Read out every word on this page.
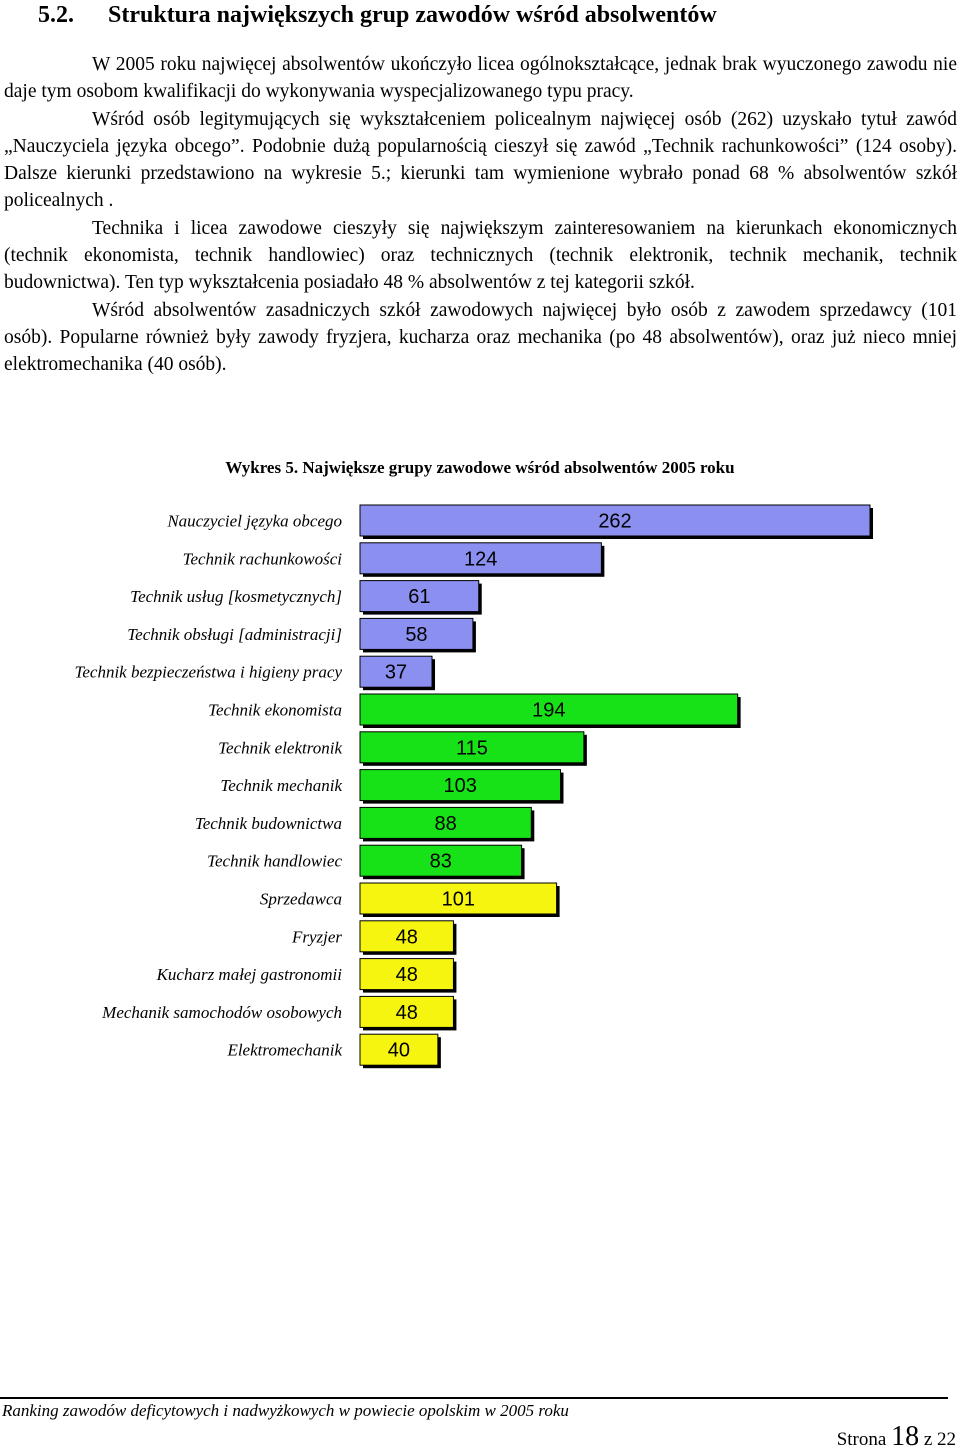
5.2. Struktura największych grup zawodów wśród absolwentów

W 2005 roku najwięcej absolwentów ukończyło licea ogólnokształcące, jednak brak wyuczonego zawodu nie daje tym osobom kwalifikacji do wykonywania wyspecjalizowanego typu pracy.

Wśród osób legitymujących się wykształceniem policealnym najwięcej osób (262) uzyskało tytuł zawód „Nauczyciela języka obcego”. Podobnie dużą popularnością cieszył się zawód „Technik rachunkowości” (124 osoby). Dalsze kierunki przedstawiono na wykresie 5.; kierunki tam wymienione wybrało ponad 68 % absolwentów szkół policealnych .

Technika i licea zawodowe cieszyły się największym zainteresowaniem na kierunkach ekonomicznych (technik ekonomista, technik handlowiec) oraz technicznych (technik elektronik, technik mechanik, technik budownictwa). Ten typ wykształcenia posiadało 48 % absolwentów z tej kategorii szkół.

Wśród absolwentów zasadniczych szkół zawodowych najwięcej było osób z zawodem sprzedawcy (101 osób). Popularne również były zawody fryzjera, kucharza oraz mechanika (po 48 absolwentów), oraz już nieco mniej elektromechanika (40 osób).

Wykres 5. Największe grupy zawodowe wśród absolwentów 2005 roku
Nauczyciel języka obcego	262
Technik rachunkowości	124
Technik usług [kosmetycznych]	61
Technik obsługi [administracji]	58
Technik bezpieczeństwa i higieny pracy 37
Technik ekonomista	194
Technik elektronik	115
Technik mechanik	103
Technik budownictwa	88
Technik handlowiec	83
Sprzedawca	101
Fryzjer	48
Kucharz małej gastronomii	48
Mechanik samochodów osobowych	48
Elektromechanik 40
Ranking zawodów deficytowych i nadwyżkowych w powiecie opolskim w 2005 roku
Strona 18 z 22
